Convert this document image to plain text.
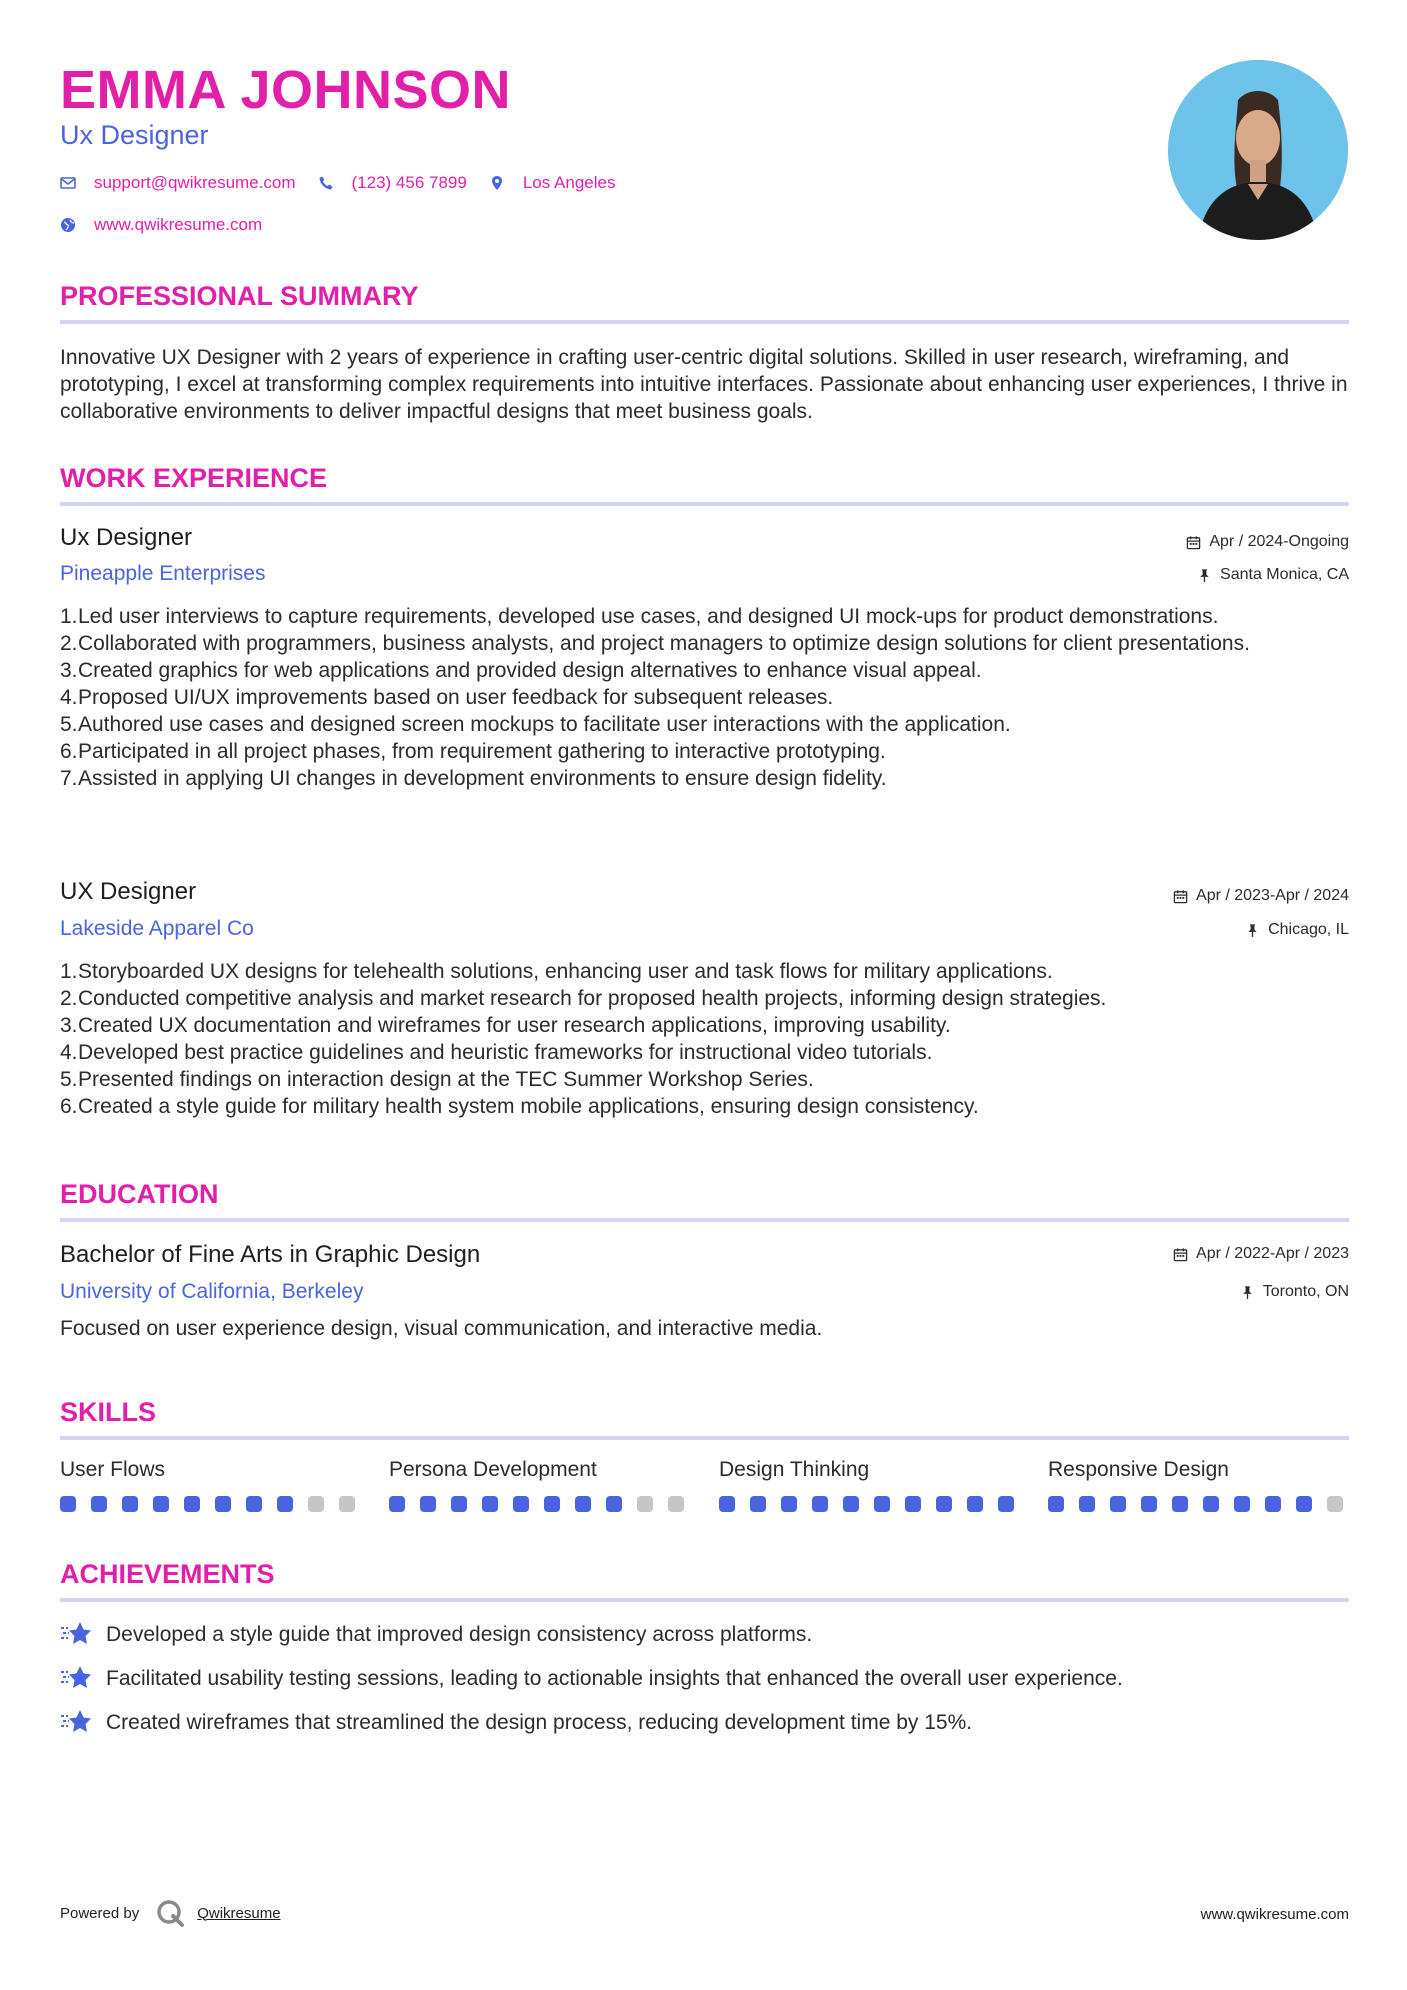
EMMA JOHNSON
Ux Designer
support@qwikresume.com	(123) 456 7899	Los Angeles
www.qwikresume.com
PROFESSIONAL SUMMARY
Innovative UX Designer with 2 years of experience in crafting user-centric digital solutions. Skilled in user research, wireframing, and prototyping, I excel at transforming complex requirements into intuitive interfaces. Passionate about enhancing user experiences, I thrive in collaborative environments to deliver impactful designs that meet business goals.
WORK EXPERIENCE
Ux Designer
Pineapple Enterprises
Apr / 2024-Ongoing
Santa Monica, CA
1. Led user interviews to capture requirements, developed use cases, and designed UI mock-ups for product demonstrations.
2. Collaborated with programmers, business analysts, and project managers to optimize design solutions for client presentations.
3. Created graphics for web applications and provided design alternatives to enhance visual appeal.
4. Proposed UI/UX improvements based on user feedback for subsequent releases.
5. Authored use cases and designed screen mockups to facilitate user interactions with the application.
6. Participated in all project phases, from requirement gathering to interactive prototyping.
7. Assisted in applying UI changes in development environments to ensure design fidelity.
UX Designer
Lakeside Apparel Co
Apr / 2023-Apr / 2024
Chicago, IL
1. Storyboarded UX designs for telehealth solutions, enhancing user and task flows for military applications.
2. Conducted competitive analysis and market research for proposed health projects, informing design strategies.
3. Created UX documentation and wireframes for user research applications, improving usability.
4. Developed best practice guidelines and heuristic frameworks for instructional video tutorials.
5. Presented findings on interaction design at the TEC Summer Workshop Series.
6. Created a style guide for military health system mobile applications, ensuring design consistency.
EDUCATION
Bachelor of Fine Arts in Graphic Design
University of California, Berkeley
Apr / 2022-Apr / 2023
Toronto, ON
Focused on user experience design, visual communication, and interactive media.
SKILLS
User Flows	Persona Development	Design Thinking	Responsive Design
ACHIEVEMENTS
Developed a style guide that improved design consistency across platforms.
Facilitated usability testing sessions, leading to actionable insights that enhanced the overall user experience.
Created wireframes that streamlined the design process, reducing development time by 15%.
Powered by	Qwikresume	www.qwikresume.com
